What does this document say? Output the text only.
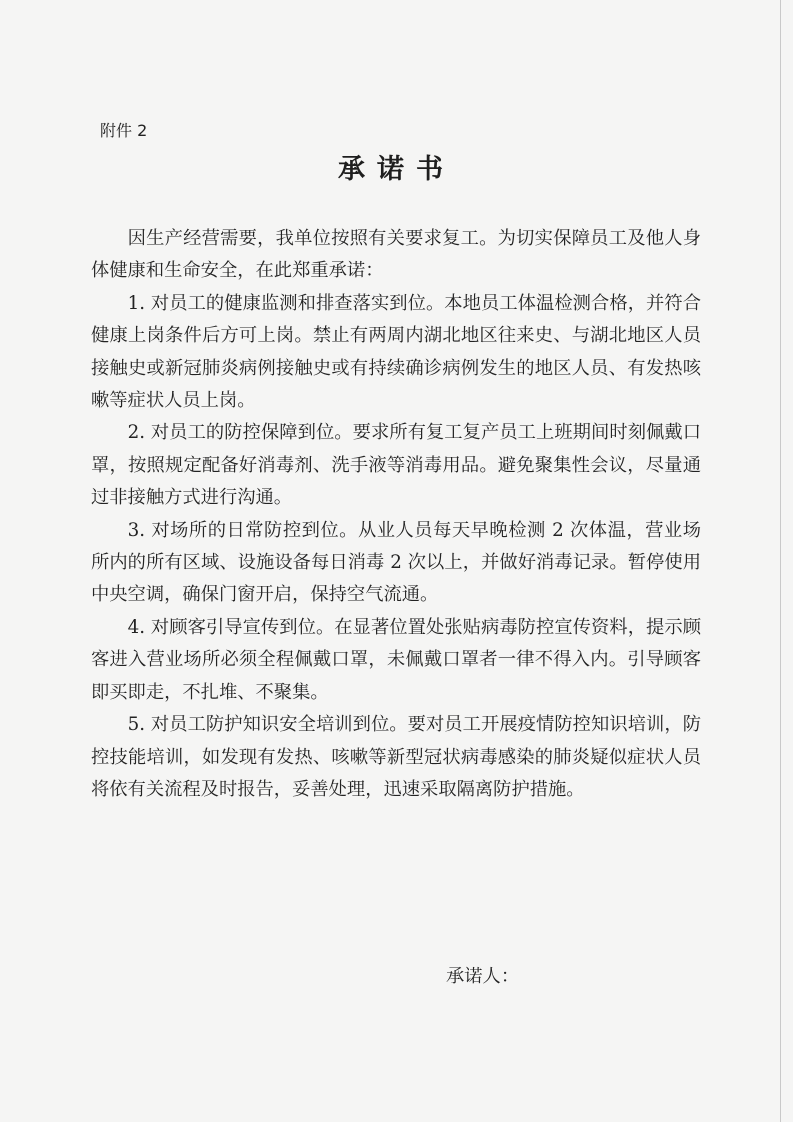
附件 2
承诺书

因生产经营需要，我单位按照有关要求复工。为切实保障员工及他人身体健康和生命安全，在此郑重承诺：

1. 对员工的健康监测和排查落实到位。本地员工体温检测合格，并符合健康上岗条件后方可上岗。禁止有两周内湖北地区往来史、与湖北地区人员接触史或新冠肺炎病例接触史或有持续确诊病例发生的地区人员、有发热咳嗽等症状人员上岗。

2. 对员工的防控保障到位。要求所有复工复产员工上班期间时刻佩戴口罩，按照规定配备好消毒剂、洗手液等消毒用品。避免聚集性会议，尽量通过非接触方式进行沟通。

3. 对场所的日常防控到位。从业人员每天早晚检测 2 次体温，营业场所内的所有区域、设施设备每日消毒 2 次以上，并做好消毒记录。暂停使用中央空调，确保门窗开启，保持空气流通。

4. 对顾客引导宣传到位。在显著位置处张贴病毒防控宣传资料，提示顾客进入营业场所必须全程佩戴口罩，未佩戴口罩者一律不得入内。引导顾客即买即走，不扎堆、不聚集。

5. 对员工防护知识安全培训到位。要对员工开展疫情防控知识培训，防控技能培训，如发现有发热、咳嗽等新型冠状病毒感染的肺炎疑似症状人员将依有关流程及时报告，妥善处理，迅速采取隔离防护措施。

承诺人：
